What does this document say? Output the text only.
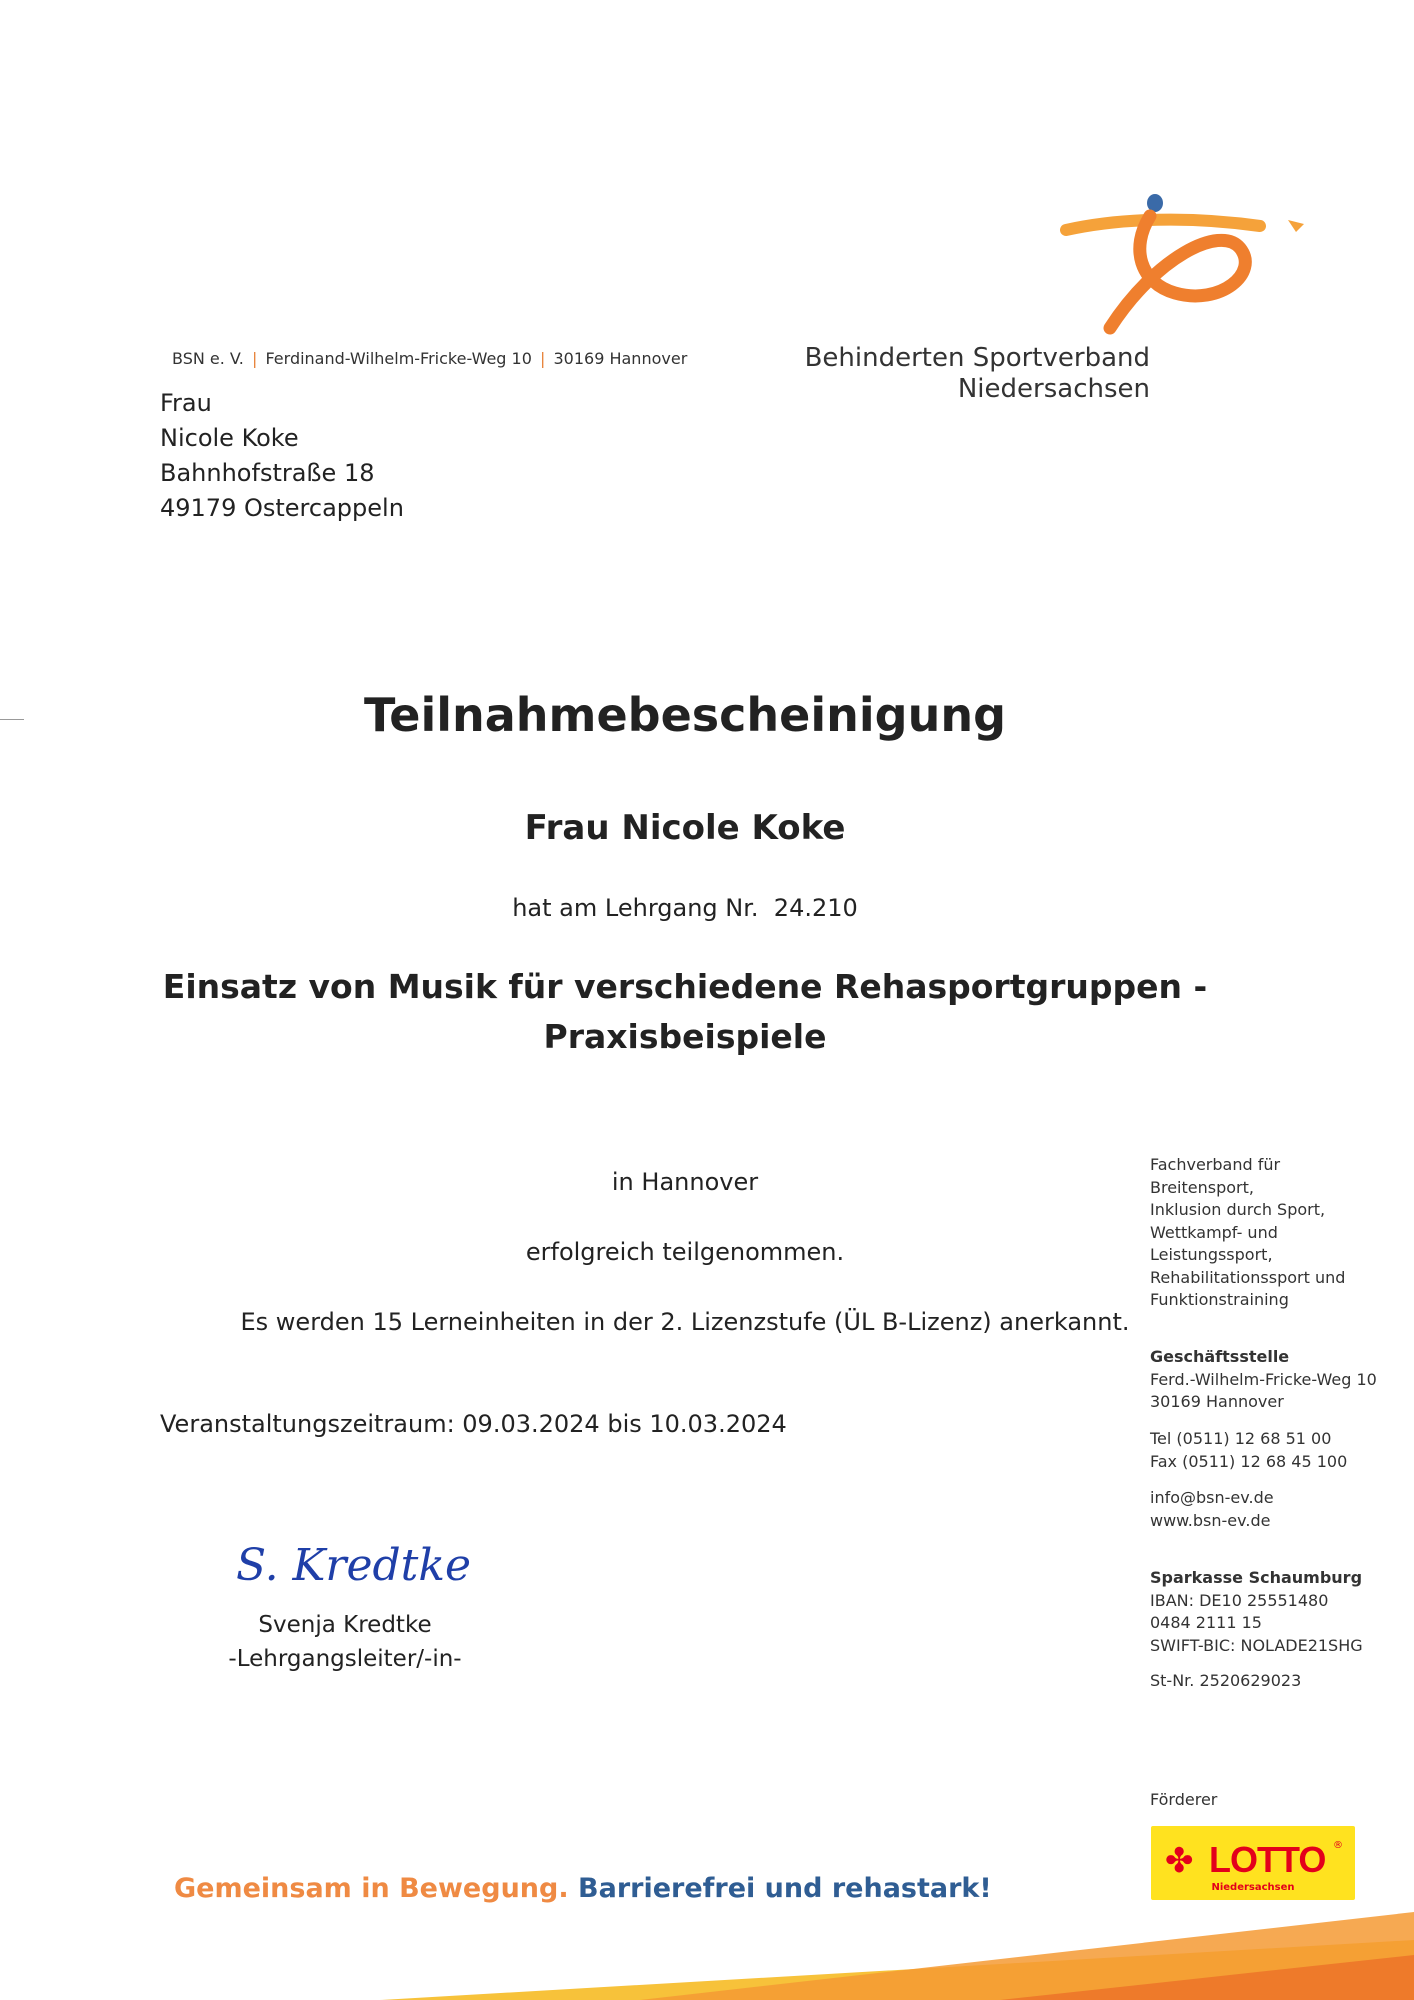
Behinderten Sportverband
Niedersachsen
BSN e. V. | Ferdinand-Wilhelm-Fricke-Weg 10 | 30169 Hannover
Frau
Nicole Koke
Bahnhofstraße 18
49179 Ostercappeln
Teilnahmebescheinigung
Frau Nicole Koke
hat am Lehrgang Nr. 24.210
Einsatz von Musik für verschiedene Rehasportgruppen -
Praxisbeispiele
in Hannover
erfolgreich teilgenommen.
Es werden 15 Lerneinheiten in der 2. Lizenzstufe (ÜL B-Lizenz) anerkannt.
Veranstaltungszeitraum: 09.03.2024 bis 10.03.2024
S. Kredtke
Svenja Kredtke
-Lehrgangsleiter/-in-
Fachverband für
Breitensport,
Inklusion durch Sport,
Wettkampf- und
Leistungssport,
Rehabilitationssport und
Funktionstraining
Geschäftsstelle
Ferd.-Wilhelm-Fricke-Weg 10
30169 Hannover
Tel (0511) 12 68 51 00
Fax (0511) 12 68 45 100
info@bsn-ev.de
www.bsn-ev.de
Sparkasse Schaumburg
IBAN: DE10 25551480
0484 2111 15
SWIFT-BIC: NOLADE21SHG
St-Nr. 2520629023
Förderer
✤ LOTTO ®
Niedersachsen
Gemeinsam in Bewegung. Barrierefrei und rehastark!
